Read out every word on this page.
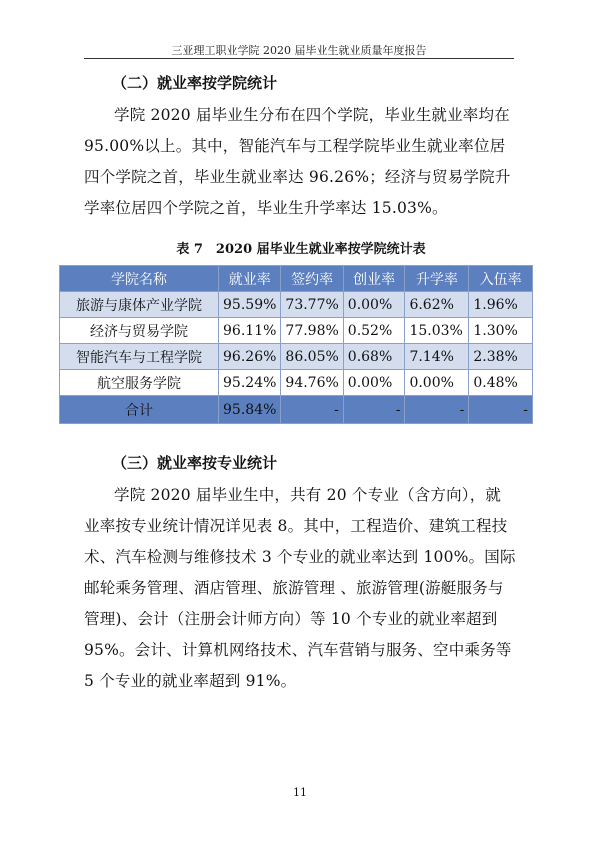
三亚理工职业学院 2020 届毕业生就业质量年度报告
（二）就业率按学院统计
学院 2020 届毕业生分布在四个学院，毕业生就业率均在
95.00%以上。其中，智能汽车与工程学院毕业生就业率位居
四个学院之首，毕业生就业率达 96.26%；经济与贸易学院升
学率位居四个学院之首，毕业生升学率达 15.03%。
表 7　2020 届毕业生就业率按学院统计表
学院名称	就业率	签约率	创业率	升学率	入伍率
旅游与康体产业学院	95.59%	73.77%	0.00%	6.62%	1.96%
经济与贸易学院	96.11%	77.98%	0.52%	15.03%	1.30%
智能汽车与工程学院	96.26%	86.05%	0.68%	7.14%	2.38%
航空服务学院	95.24%	94.76%	0.00%	0.00%	0.48%
合计	95.84%	-	-	-	-
（三）就业率按专业统计
学院 2020 届毕业生中，共有 20 个专业（含方向），就
业率按专业统计情况详见表 8。其中，工程造价、建筑工程技
术、汽车检测与维修技术 3 个专业的就业率达到 100%。国际
邮轮乘务管理、酒店管理、旅游管理 、旅游管理(游艇服务与
管理)、会计（注册会计师方向）等 10 个专业的就业率超到
95%。会计、计算机网络技术、汽车营销与服务、空中乘务等
5 个专业的就业率超到 91%。
11
